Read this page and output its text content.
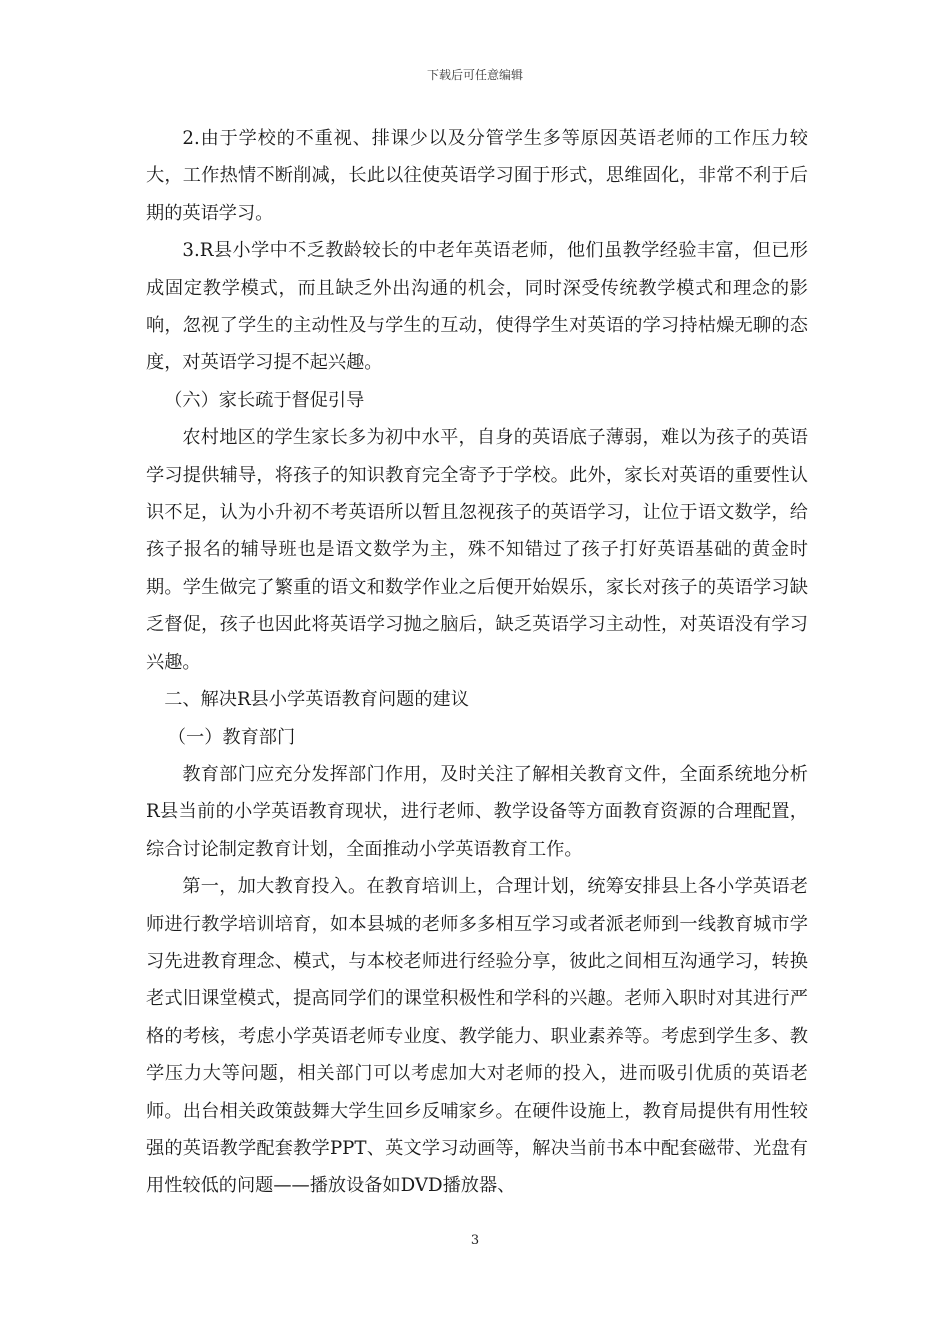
下载后可任意编辑

2.由于学校的不重视、排课少以及分管学生多等原因英语老师的工作压力较大，工作热情不断削减，长此以往使英语学习囿于形式，思维固化，非常不利于后期的英语学习。

3.R县小学中不乏教龄较长的中老年英语老师，他们虽教学经验丰富，但已形成固定教学模式，而且缺乏外出沟通的机会，同时深受传统教学模式和理念的影响，忽视了学生的主动性及与学生的互动，使得学生对英语的学习持枯燥无聊的态度，对英语学习提不起兴趣。

（六）家长疏于督促引导

农村地区的学生家长多为初中水平，自身的英语底子薄弱，难以为孩子的英语学习提供辅导，将孩子的知识教育完全寄予于学校。此外，家长对英语的重要性认识不足，认为小升初不考英语所以暂且忽视孩子的英语学习，让位于语文数学，给孩子报名的辅导班也是语文数学为主，殊不知错过了孩子打好英语基础的黄金时期。学生做完了繁重的语文和数学作业之后便开始娱乐，家长对孩子的英语学习缺乏督促，孩子也因此将英语学习抛之脑后，缺乏英语学习主动性，对英语没有学习兴趣。

二、解决R县小学英语教育问题的建议

（一）教育部门

教育部门应充分发挥部门作用，及时关注了解相关教育文件，全面系统地分析R县当前的小学英语教育现状，进行老师、教学设备等方面教育资源的合理配置，综合讨论制定教育计划，全面推动小学英语教育工作。

第一，加大教育投入。在教育培训上，合理计划，统筹安排县上各小学英语老师进行教学培训培育，如本县城的老师多多相互学习或者派老师到一线教育城市学习先进教育理念、模式，与本校老师进行经验分享，彼此之间相互沟通学习，转换老式旧课堂模式，提高同学们的课堂积极性和学科的兴趣。老师入职时对其进行严格的考核，考虑小学英语老师专业度、教学能力、职业素养等。考虑到学生多、教学压力大等问题，相关部门可以考虑加大对老师的投入，进而吸引优质的英语老师。出台相关政策鼓舞大学生回乡反哺家乡。在硬件设施上，教育局提供有用性较强的英语教学配套教学PPT、英文学习动画等，解决当前书本中配套磁带、光盘有用性较低的问题——播放设备如DVD播放器、

3
